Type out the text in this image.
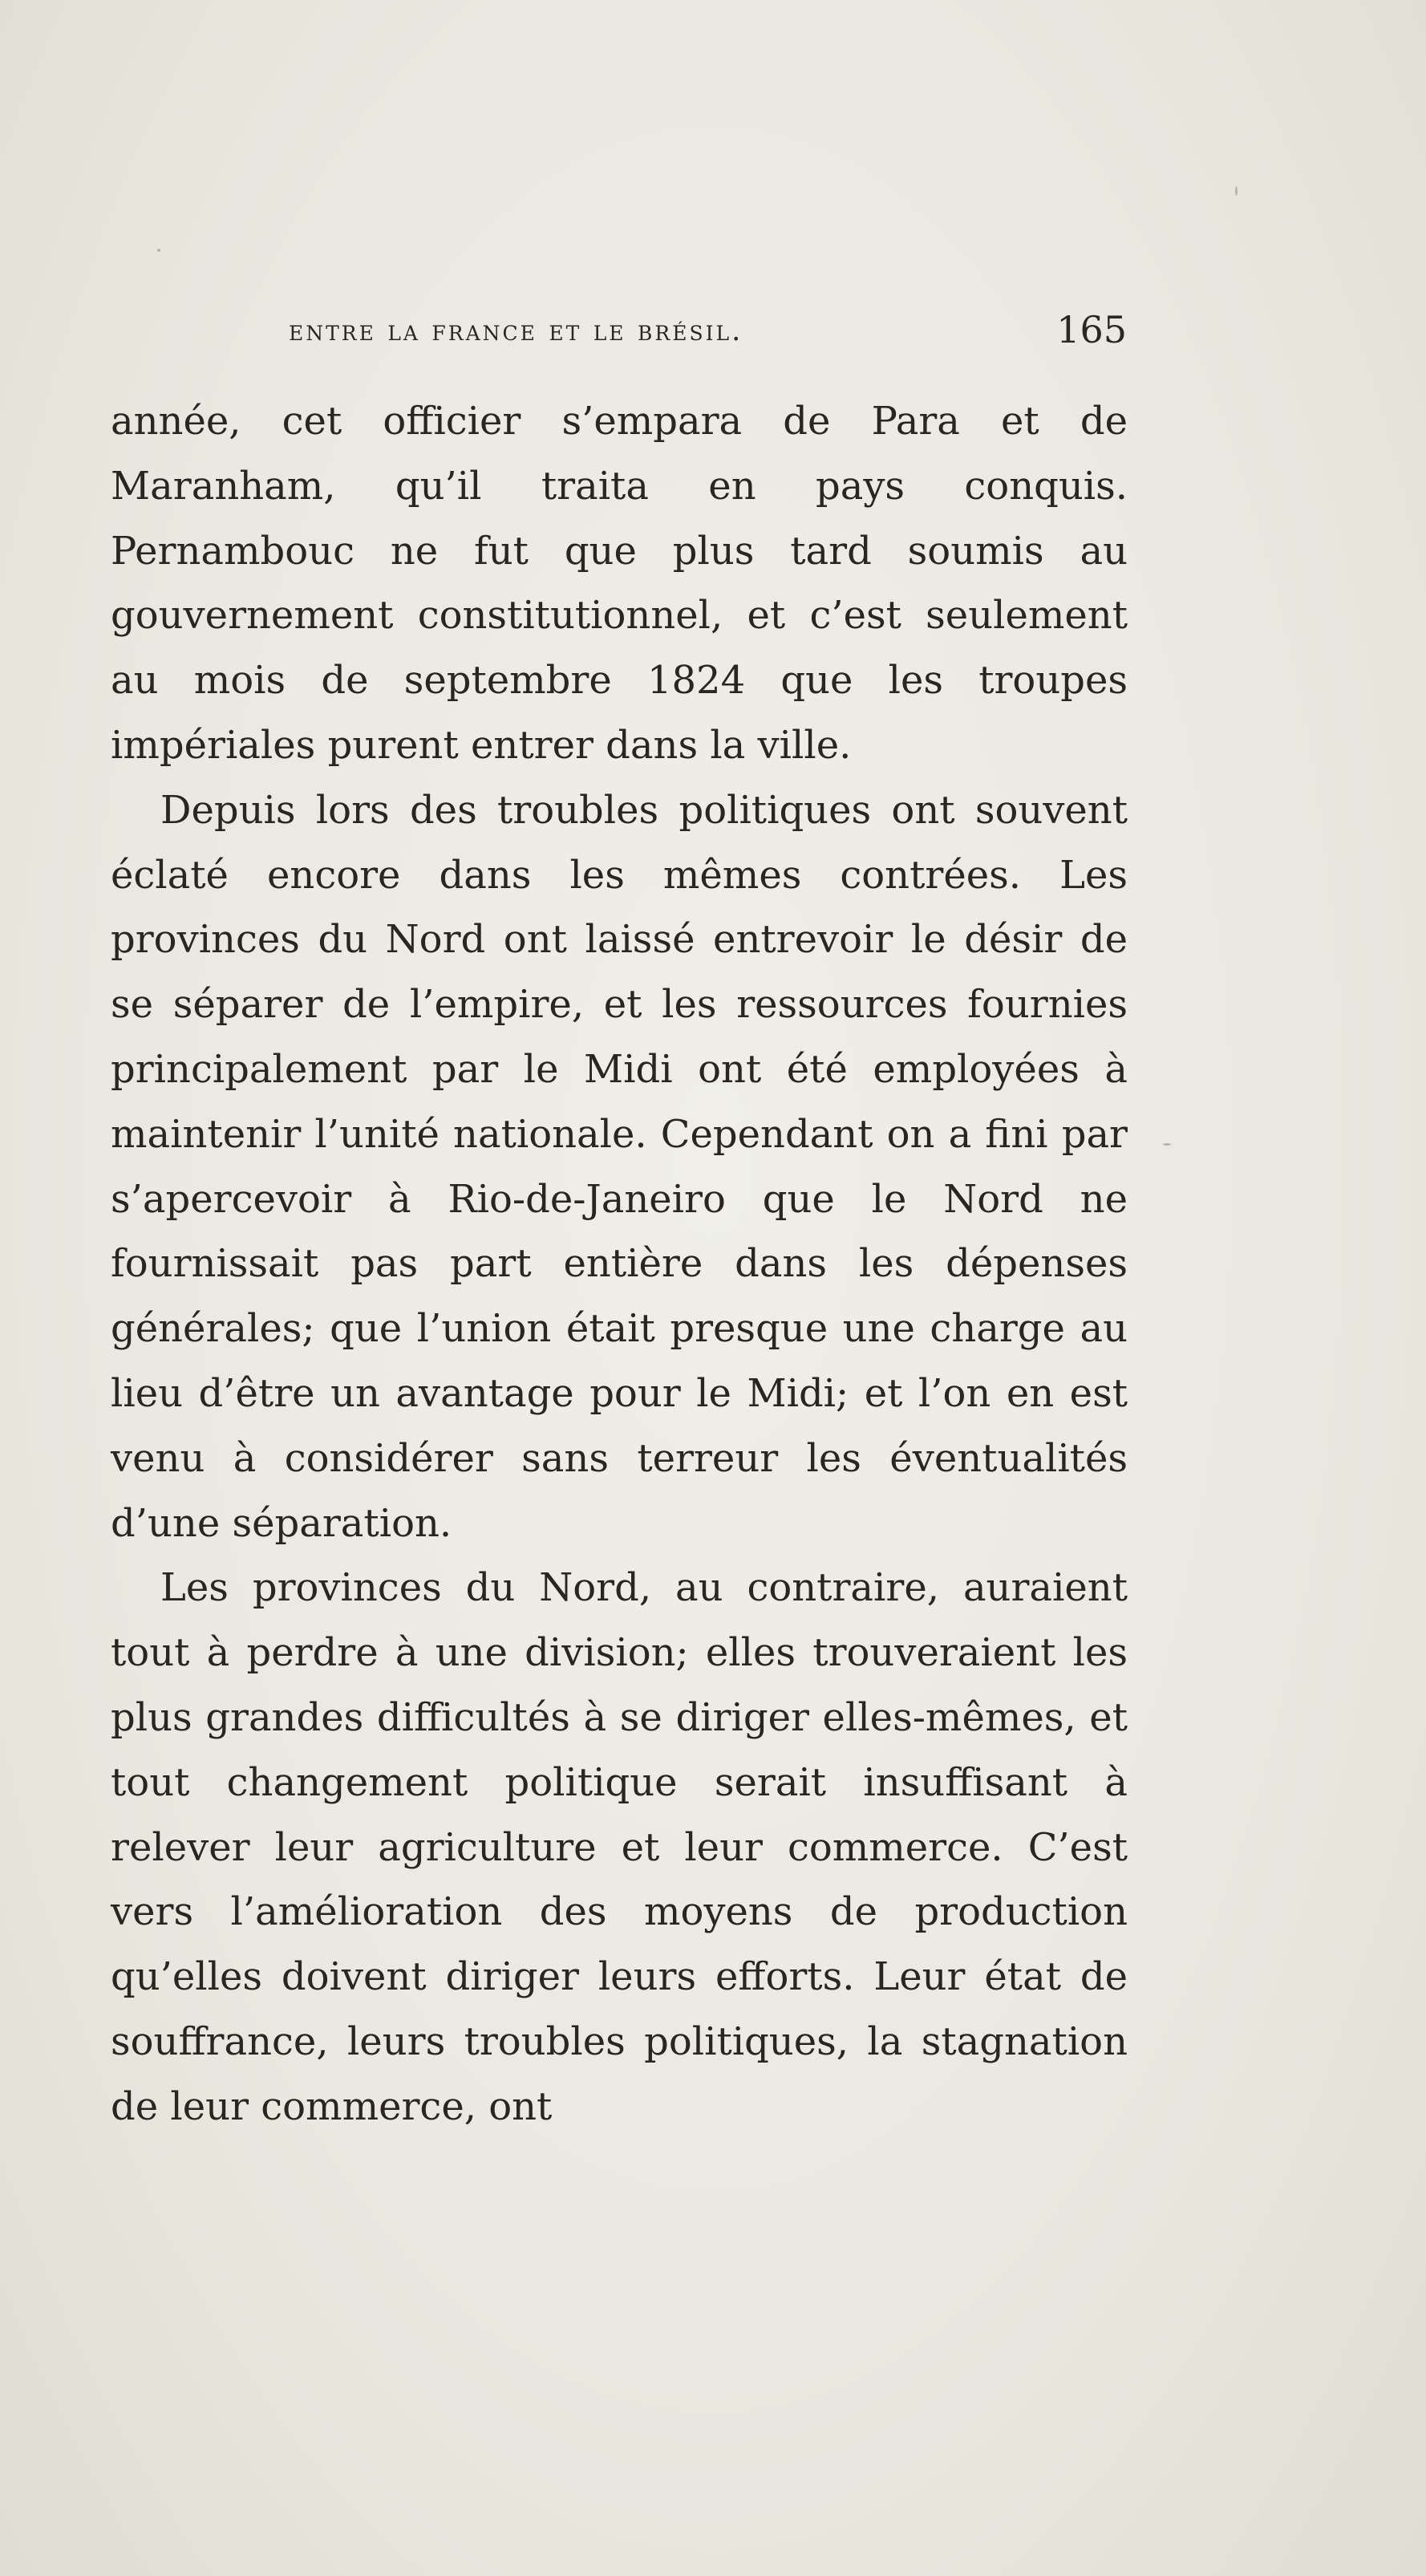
entre la france et le brésil.	165

année, cet officier s’empara de Para et de Maranham, qu’il traita en pays conquis. Pernambouc ne fut que plus tard soumis au gouvernement constitutionnel, et c’est seulement au mois de septembre 1824 que les troupes impériales purent entrer dans la ville.

Depuis lors des troubles politiques ont souvent éclaté encore dans les mêmes contrées. Les provinces du Nord ont laissé entrevoir le désir de se séparer de l’empire, et les ressources fournies principalement par le Midi ont été employées à maintenir l’unité nationale. Cependant on a fini par s’apercevoir à Rio-de-Janeiro que le Nord ne fournissait pas part entière dans les dépenses générales; que l’union était presque une charge au lieu d’être un avantage pour le Midi; et l’on en est venu à considérer sans terreur les éventualités d’une séparation.

Les provinces du Nord, au contraire, auraient tout à perdre à une division; elles trouveraient les plus grandes difficultés à se diriger elles-mêmes, et tout changement politique serait insuffisant à relever leur agriculture et leur commerce. C’est vers l’amélioration des moyens de production qu’elles doivent diriger leurs efforts. Leur état de souffrance, leurs troubles politiques, la stagnation de leur commerce, ont
